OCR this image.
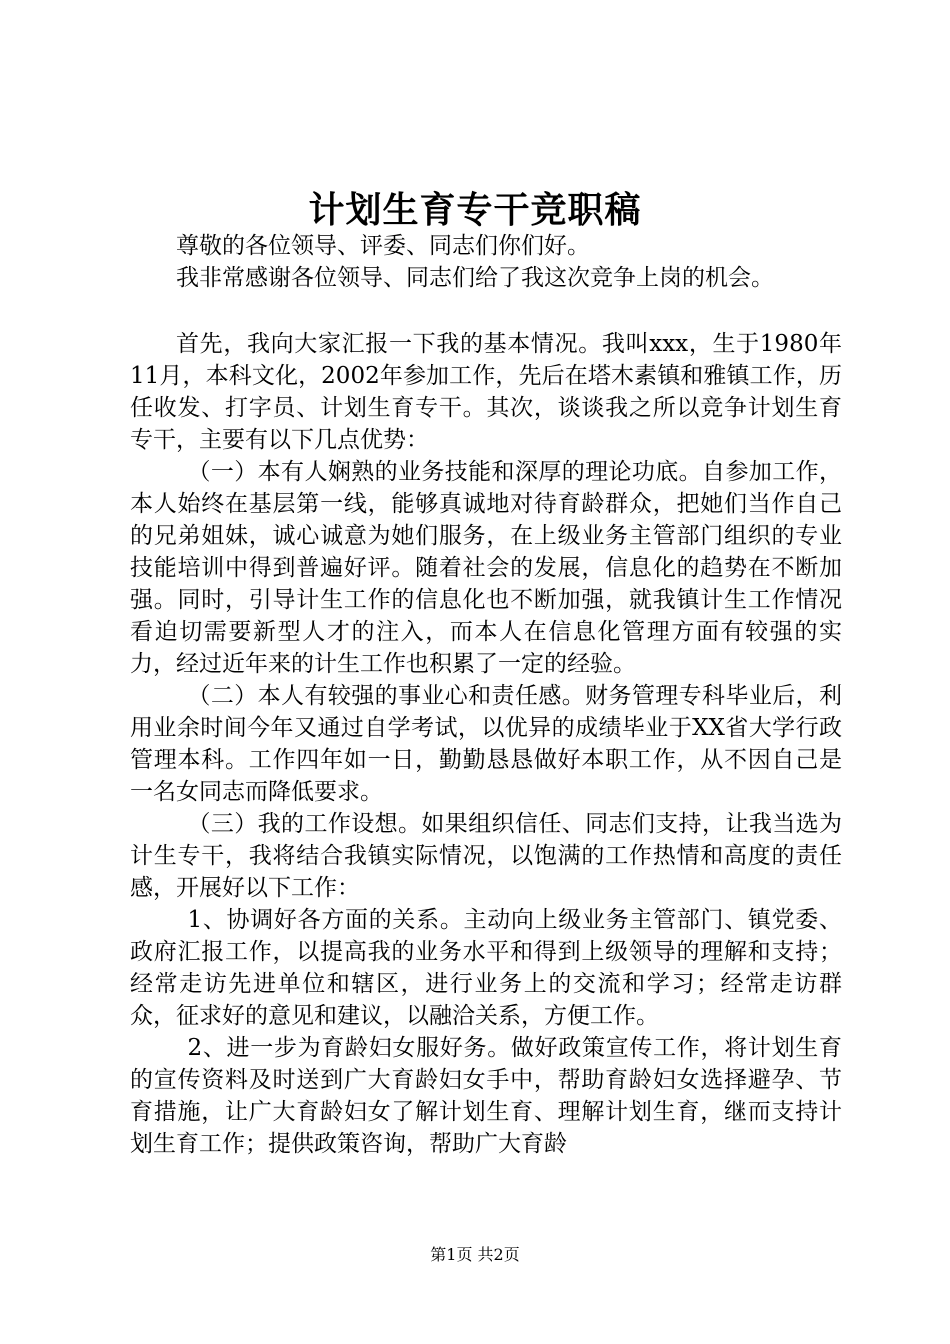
计划生育专干竞职稿

尊敬的各位领导、评委、同志们你们好。

我非常感谢各位领导、同志们给了我这次竞争上岗的机会。

首先，我向大家汇报一下我的基本情况。我叫xxx，生于1980年11月，本科文化，2002年参加工作，先后在塔木素镇和雅镇工作，历任收发、打字员、计划生育专干。其次，谈谈我之所以竞争计划生育专干，主要有以下几点优势：

（一）本有人娴熟的业务技能和深厚的理论功底。自参加工作，本人始终在基层第一线，能够真诚地对待育龄群众，把她们当作自己的兄弟姐妹，诚心诚意为她们服务，在上级业务主管部门组织的专业技能培训中得到普遍好评。随着社会的发展，信息化的趋势在不断加强。同时，引导计生工作的信息化也不断加强，就我镇计生工作情况看迫切需要新型人才的注入，而本人在信息化管理方面有较强的实力，经过近年来的计生工作也积累了一定的经验。

（二）本人有较强的事业心和责任感。财务管理专科毕业后，利用业余时间今年又通过自学考试，以优异的成绩毕业于XX省大学行政管理本科。工作四年如一日，勤勤恳恳做好本职工作，从不因自己是一名女同志而降低要求。

（三）我的工作设想。如果组织信任、同志们支持，让我当选为计生专干，我将结合我镇实际情况，以饱满的工作热情和高度的责任感，开展好以下工作：

1、协调好各方面的关系。主动向上级业务主管部门、镇党委、政府汇报工作，以提高我的业务水平和得到上级领导的理解和支持；经常走访先进单位和辖区，进行业务上的交流和学习；经常走访群众，征求好的意见和建议，以融洽关系，方便工作。

2、进一步为育龄妇女服好务。做好政策宣传工作，将计划生育的宣传资料及时送到广大育龄妇女手中，帮助育龄妇女选择避孕、节育措施，让广大育龄妇女了解计划生育、理解计划生育，继而支持计划生育工作；提供政策咨询，帮助广大育龄

第1页 共2页
